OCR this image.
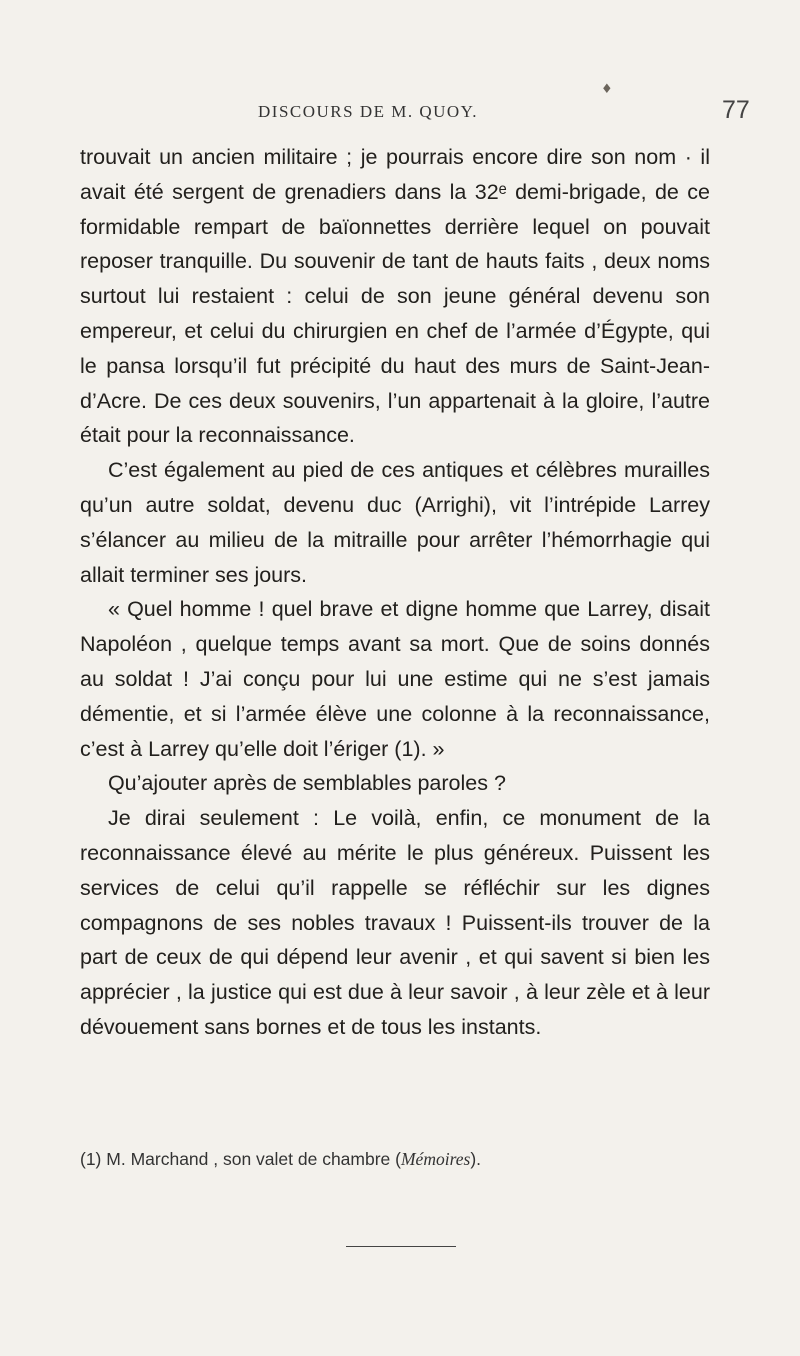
♦
DISCOURS DE M. QUOY.	77

trouvait un ancien militaire ; je pourrais encore dire son nom · il avait été sergent de grenadiers dans la 32ᵉ demi-brigade, de ce formidable rempart de baïonnettes derrière lequel on pouvait reposer tranquille. Du souvenir de tant de hauts faits , deux noms surtout lui restaient : celui de son jeune général devenu son empereur, et celui du chirurgien en chef de l’armée d’Égypte, qui le pansa lorsqu’il fut précipité du haut des murs de Saint-Jean-d’Acre. De ces deux souvenirs, l’un appartenait à la gloire, l’autre était pour la reconnaissance.

C’est également au pied de ces antiques et célèbres murailles qu’un autre soldat, devenu duc (Arrighi), vit l’intrépide Larrey s’élancer au milieu de la mitraille pour arrêter l’hémorrhagie qui allait terminer ses jours.

« Quel homme ! quel brave et digne homme que Larrey, disait Napoléon , quelque temps avant sa mort. Que de soins donnés au soldat ! J’ai conçu pour lui une estime qui ne s’est jamais démentie, et si l’armée élève une colonne à la reconnaissance, c’est à Larrey qu’elle doit l’ériger (1). »

Qu’ajouter après de semblables paroles ?

Je dirai seulement : Le voilà, enfin, ce monument de la reconnaissance élevé au mérite le plus généreux. Puissent les services de celui qu’il rappelle se réfléchir sur les dignes compagnons de ses nobles travaux ! Puissent-ils trouver de la part de ceux de qui dépend leur avenir , et qui savent si bien les apprécier , la justice qui est due à leur savoir , à leur zèle et à leur dévouement sans bornes et de tous les instants.

(1) M. Marchand , son valet de chambre (Mémoires).
